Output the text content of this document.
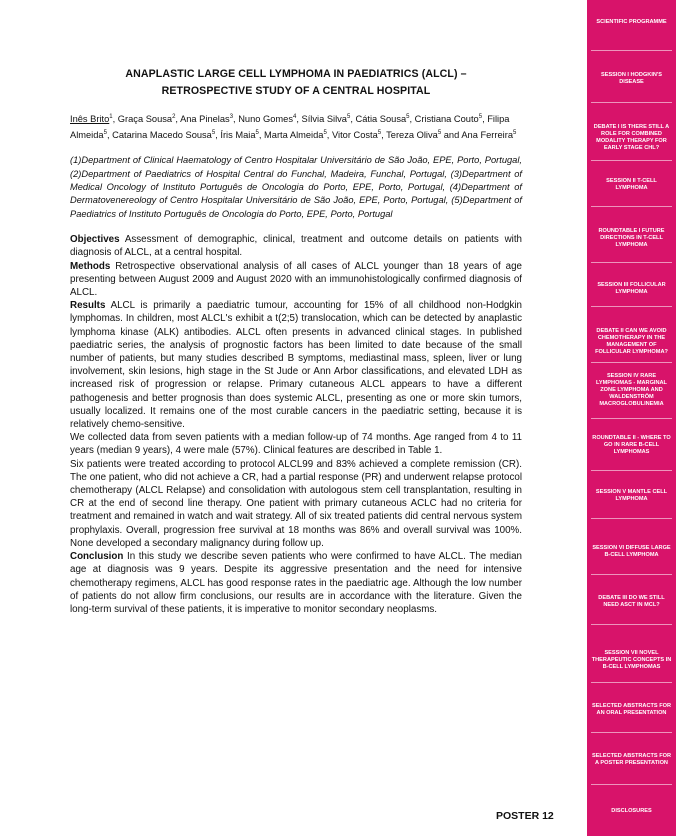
ANAPLASTIC LARGE CELL LYMPHOMA IN PAEDIATRICS (ALCL) –
RETROSPECTIVE STUDY OF A CENTRAL HOSPITAL
Inês Brito$^1$, Graça Sousa$^2$, Ana Pinelas$^3$, Nuno Gomes$^4$, Sílvia Silva$^5$, Cátia Sousa$^5$, Cristiana Couto$^5$, Filipa Almeida$^5$, Catarina Macedo Sousa$^5$, Íris Maia$^5$, Marta Almeida$^5$, Vitor Costa$^5$, Tereza Oliva$^5$ and Ana Ferreira$^5$
(1)Department of Clinical Haematology of Centro Hospitalar Universitário de São João, EPE, Porto, Portugal, (2)Department of Paediatrics of Hospital Central do Funchal, Madeira, Funchal, Portugal, (3)Department of Medical Oncology of Instituto Português de Oncologia do Porto, EPE, Porto, Portugal, (4)Department of Dermatovenereology of Centro Hospitalar Universitário de São João, EPE, Porto, Portugal, (5)Department of Paediatrics of Instituto Português de Oncologia do Porto, EPE, Porto, Portugal

Objectives Assessment of demographic, clinical, treatment and outcome details on patients with diagnosis of ALCL, at a central hospital.

Methods Retrospective observational analysis of all cases of ALCL younger than 18 years of age presenting between August 2009 and August 2020 with an immunohistologically confirmed diagnosis of ALCL.

Results ALCL is primarily a paediatric tumour, accounting for 15% of all childhood non-Hodgkin lymphomas. In children, most ALCL's exhibit a t(2;5) translocation, which can be detected by anaplastic lymphoma kinase (ALK) antibodies. ALCL often presents in advanced clinical stages. In published paediatric series, the analysis of prognostic factors has been limited to date because of the small number of patients, but many studies described B symptoms, mediastinal mass, spleen, liver or lung involvement, skin lesions, high stage in the St Jude or Ann Arbor classifications, and elevated LDH as increased risk of progression or relapse. Primary cutaneous ALCL appears to have a different pathogenesis and better prognosis than does systemic ALCL, presenting as one or more skin tumors, usually localized. It remains one of the most curable cancers in the paediatric setting, because it is relatively chemo-sensitive.

We collected data from seven patients with a median follow-up of 74 months. Age ranged from 4 to 11 years (median 9 years), 4 were male (57%). Clinical features are described in Table 1.

Six patients were treated according to protocol ALCL99 and 83% achieved a complete remission (CR). The one patient, who did not achieve a CR, had a partial response (PR) and underwent relapse protocol chemotherapy (ALCL Relapse) and consolidation with autologous stem cell transplantation, resulting in CR at the end of second line therapy. One patient with primary cutaneous ACLC had no criteria for treatment and remained in watch and wait strategy. All of six treated patients did central nervous system prophylaxis. Overall, progression free survival at 18 months was 86% and overall survival was 100%. None developed a secondary malignancy during follow up.

Conclusion In this study we describe seven patients who were confirmed to have ALCL. The median age at diagnosis was 9 years. Despite its aggressive presentation and the need for intensive chemotherapy regimens, ALCL has good response rates in the paediatric age. Although the low number of patients do not allow firm conclusions, our results are in accordance with the literature. Given the long-term survival of these patients, it is imperative to monitor secondary neoplasms.

POSTER 12
SCIENTIFIC PROGRAMME
SESSION I HODGKIN'S DISEASE
DEBATE I IS THERE STILL A ROLE FOR COMBINED MODALITY THERAPY FOR EARLY STAGE CHL?
SESSION II T-CELL LYMPHOMA
ROUNDTABLE I FUTURE DIRECTIONS IN T-CELL LYMPHOMA
SESSION III FOLLICULAR LYMPHOMA
DEBATE II CAN WE AVOID CHEMOTHERAPY IN THE MANAGEMENT OF FOLLICULAR LYMPHOMA?
SESSION IV RARE LYMPHOMAS - MARGINAL ZONE LYMPHOMA AND WALDENSTRÖM MACROGLOBULINEMIA
ROUNDTABLE II - WHERE TO GO IN RARE B-CELL LYMPHOMAS
SESSION V MANTLE CELL LYMPHOMA
SESSION VI DIFFUSE LARGE B-CELL LYMPHOMA
DEBATE III DO WE STILL NEED ASCT IN MCL?
SESSION VII NOVEL THERAPEUTIC CONCEPTS IN B-CELL LYMPHOMAS
SELECTED ABSTRACTS FOR AN ORAL PRESENTATION
SELECTED ABSTRACTS FOR A POSTER PRESENTATION
DISCLOSURES
